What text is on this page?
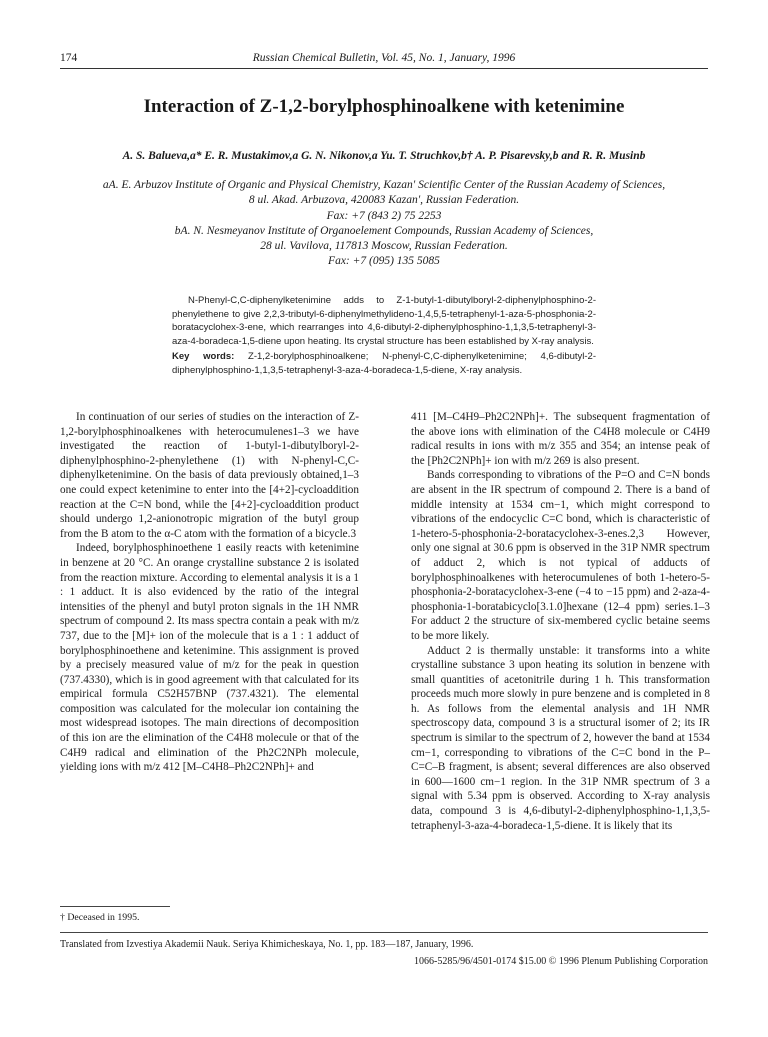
174	Russian Chemical Bulletin, Vol. 45, No. 1, January, 1996
Interaction of Z-1,2-borylphosphinoalkene with ketenimine
A. S. Balueva,a* E. R. Mustakimov,a G. N. Nikonov,a Yu. T. Struchkov,b† A. P. Pisarevsky,b and R. R. Musinb
aA. E. Arbuzov Institute of Organic and Physical Chemistry, Kazan' Scientific Center of the Russian Academy of Sciences,
8 ul. Akad. Arbuzova, 420083 Kazan', Russian Federation.
Fax: +7 (843 2) 75 2253
bA. N. Nesmeyanov Institute of Organoelement Compounds, Russian Academy of Sciences,
28 ul. Vavilova, 117813 Moscow, Russian Federation.
Fax: +7 (095) 135 5085

N-Phenyl-C,C-diphenylketenimine adds to Z-1-butyl-1-dibutylboryl-2-diphenylphosphino-2-phenylethene to give 2,2,3-tributyl-6-diphenylmethylideno-1,4,5,5-tetraphenyl-1-aza-5-phosphonia-2-boratacyclohex-3-ene, which rearranges into 4,6-dibutyl-2-diphenylphosphino-1,1,3,5-tetraphenyl-3-aza-4-boradeca-1,5-diene upon heating. Its crystal structure has been established by X-ray analysis.

Key words: Z-1,2-borylphosphinoalkene; N-phenyl-C,C-diphenylketenimine; 4,6-dibutyl-2-diphenylphosphino-1,1,3,5-tetraphenyl-3-aza-4-boradeca-1,5-diene, X-ray analysis.

In continuation of our series of studies on the interaction of Z-1,2-borylphosphinoalkenes with heterocumulenes1–3 we have investigated the reaction of 1-butyl-1-dibutylboryl-2-diphenylphosphino-2-phenylethene (1) with N-phenyl-C,C-diphenylketenimine. On the basis of data previously obtained,1–3 one could expect ketenimine to enter into the [4+2]-cycloaddition reaction at the C=N bond, while the [4+2]-cycloaddition product should undergo 1,2-anionotropic migration of the butyl group from the B atom to the α-C atom with the formation of a bicycle.3

Indeed, borylphosphinoethene 1 easily reacts with ketenimine in benzene at 20 °C. An orange crystalline substance 2 is isolated from the reaction mixture. According to elemental analysis it is a 1 : 1 adduct. It is also evidenced by the ratio of the integral intensities of the phenyl and butyl proton signals in the 1H NMR spectrum of compound 2. Its mass spectra contain a peak with m/z 737, due to the [M]+ ion of the molecule that is a 1 : 1 adduct of borylphosphinoethene and ketenimine. This assignment is proved by a precisely measured value of m/z for the peak in question (737.4330), which is in good agreement with that calculated for its empirical formula C52H57BNP (737.4321). The elemental composition was calculated for the molecular ion containing the most widespread isotopes. The main directions of decomposition of this ion are the elimination of the C4H8 molecule or that of the C4H9 radical and elimination of the Ph2C2NPh molecule, yielding ions with m/z 412 [M–C4H8–Ph2C2NPh]+ and

411 [M–C4H9–Ph2C2NPh]+. The subsequent fragmentation of the above ions with elimination of the C4H8 molecule or C4H9 radical results in ions with m/z 355 and 354; an intense peak of the [Ph2C2NPh]+ ion with m/z 269 is also present.

Bands corresponding to vibrations of the P=O and C=N bonds are absent in the IR spectrum of compound 2. There is a band of middle intensity at 1534 cm−1, which might correspond to vibrations of the endocyclic C=C bond, which is characteristic of 1-hetero-5-phosphonia-2-boratacyclohex-3-enes.2,3 However, only one signal at 30.6 ppm is observed in the 31P NMR spectrum of adduct 2, which is not typical of adducts of borylphosphinoalkenes with heterocumulenes of both 1-hetero-5-phosphonia-2-boratacyclohex-3-ene (−4 to −15 ppm) and 2-aza-4-phosphonia-1-boratabicyclo[3.1.0]hexane (12–4 ppm) series.1–3 For adduct 2 the structure of six-membered cyclic betaine seems to be more likely.

Adduct 2 is thermally unstable: it transforms into a white crystalline substance 3 upon heating its solution in benzene with small quantities of acetonitrile during 1 h. This transformation proceeds much more slowly in pure benzene and is completed in 8 h. As follows from the elemental analysis and 1H NMR spectroscopy data, compound 3 is a structural isomer of 2; its IR spectrum is similar to the spectrum of 2, however the band at 1534 cm−1, corresponding to vibrations of the C=C bond in the P–C=C–B fragment, is absent; several differences are also observed in 600—1600 cm−1 region. In the 31P NMR spectrum of 3 a signal with 5.34 ppm is observed. According to X-ray analysis data, compound 3 is 4,6-dibutyl-2-diphenylphosphino-1,1,3,5-tetraphenyl-3-aza-4-boradeca-1,5-diene. It is likely that its

† Deceased in 1995.
Translated from Izvestiya Akademii Nauk. Seriya Khimicheskaya, No. 1, pp. 183—187, January, 1996.
1066-5285/96/4501-0174 $15.00 © 1996 Plenum Publishing Corporation
